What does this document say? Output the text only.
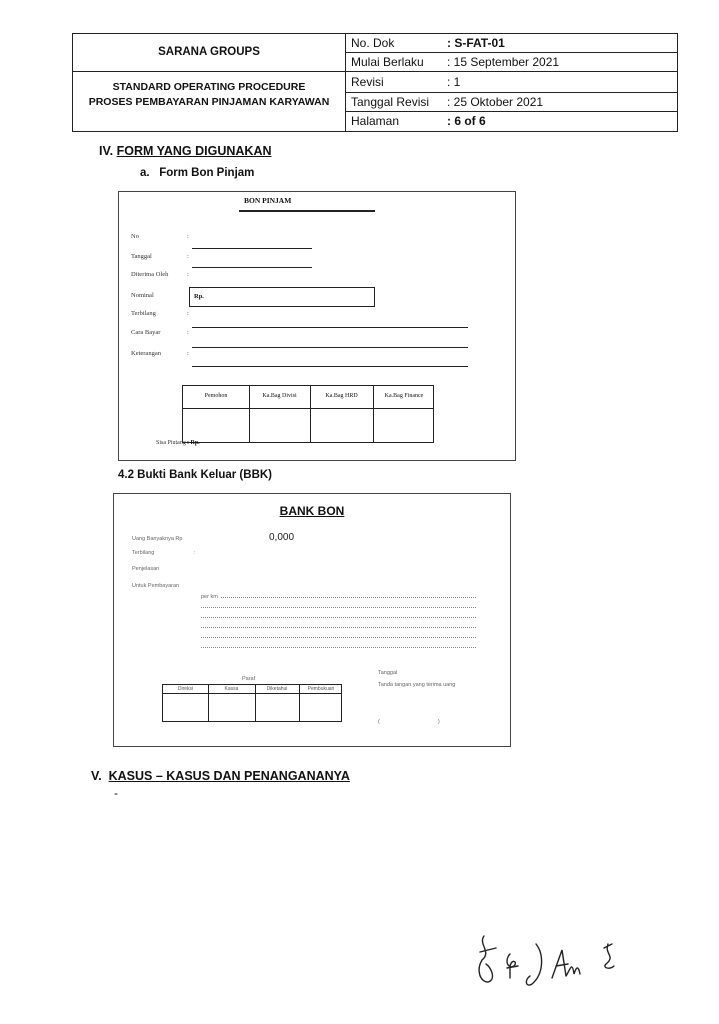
SARANA GROUPS
STANDARD OPERATING PROCEDURE
PROSES PEMBAYARAN PINJAMAN KARYAWAN
No. Dok	: S-FAT-01
Mulai Berlaku : 15 September 2021
Revisi	: 1
Tanggal Revisi : 25 Oktober 2021
Halaman	: 6 of 6
IV. FORM YANG DIGUNAKAN
a. Form Bon Pinjam
BON PINJAM
No	:
Tanggal	:
Diterima Oleh	:
Nominal	Rp.
Terbilang	:
Cara Bayar	:
Keterangan	:
Pemohon	Ka.Bag Divisi	Ka.Bag HRD	Ka.Bag Finance
Sisa Piutang : Rp.
4.2 Bukti Bank Keluar (BBK)
BANK BON
Uang Banyaknya Rp	0,000
Terbilang	:
Penjelasan
Untuk Pembayaran
per km
Paraf
Direksi	Kassa	Diketahui	Pembukuan
Tanggal
Tanda tangan yang terima uang
(                                      )
V. KASUS – KASUS DAN PENANGANANYA
-
